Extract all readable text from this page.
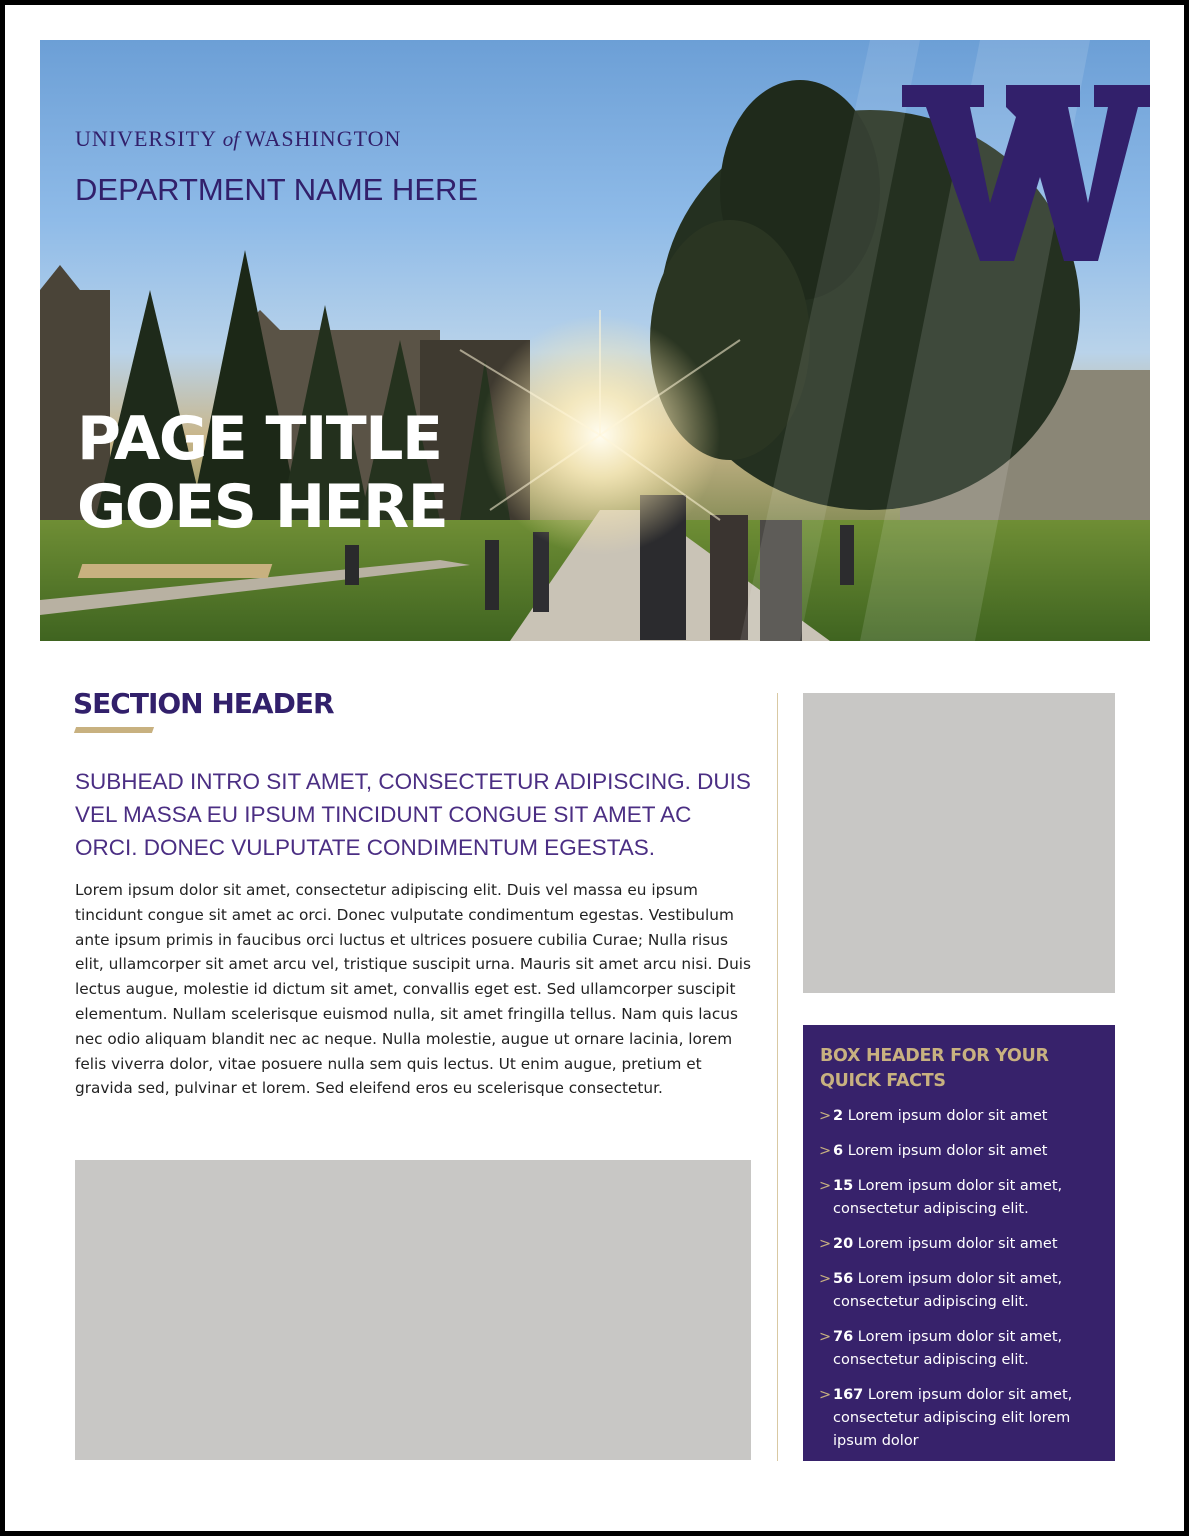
UNIVERSITY of WASHINGTON
DEPARTMENT NAME HERE
PAGE TITLE
GOES HERE
SECTION HEADER
SUBHEAD INTRO SIT AMET, CONSECTETUR ADIPISCING. DUIS VEL MASSA EU IPSUM TINCIDUNT CONGUE SIT AMET AC ORCI. DONEC VULPUTATE CONDIMENTUM EGESTAS.
Lorem ipsum dolor sit amet, consectetur adipiscing elit. Duis vel massa eu ipsum tincidunt congue sit amet ac orci. Donec vulputate condimentum egestas. Vestibulum ante ipsum primis in faucibus orci luctus et ultrices posuere cubilia Curae; Nulla risus elit, ullamcorper sit amet arcu vel, tristique suscipit urna. Mauris sit amet arcu nisi. Duis lectus augue, molestie id dictum sit amet, convallis eget est. Sed ullamcorper suscipit elementum. Nullam scelerisque euismod nulla, sit amet fringilla tellus. Nam quis lacus nec odio aliquam blandit nec ac neque. Nulla molestie, augue ut ornare lacinia, lorem felis viverra dolor, vitae posuere nulla sem quis lectus. Ut enim augue, pretium et gravida sed, pulvinar et lorem. Sed eleifend eros eu scelerisque consectetur.
BOX HEADER FOR YOUR QUICK FACTS
> 2 Lorem ipsum dolor sit amet
> 6 Lorem ipsum dolor sit amet
> 15 Lorem ipsum dolor sit amet, consectetur adipiscing elit.
> 20 Lorem ipsum dolor sit amet
> 56 Lorem ipsum dolor sit amet, consectetur adipiscing elit.
> 76 Lorem ipsum dolor sit amet, consectetur adipiscing elit.
> 167 Lorem ipsum dolor sit amet, consectetur adipiscing elit lorem ipsum dolor
